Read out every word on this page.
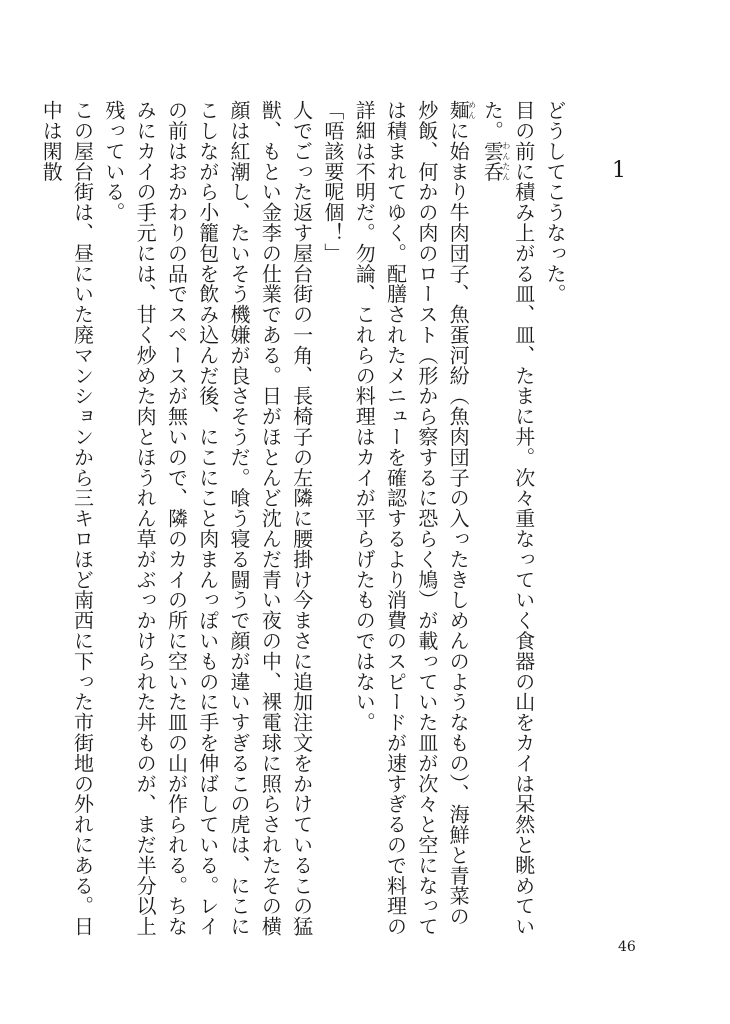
1

どうしてこうなった。

目の前に積み上がる皿、皿、たまに丼。次々重なっていく食器の山をカイは呆然と眺めていた。雲呑わんたん

麺めんに始まり牛肉団子、魚蛋河紛（魚肉団子の入ったきしめんのようなもの）、海鮮と青菜の炒飯、何かの肉のロースト（形から察するに恐らく鳩）が載っていた皿が次々と空になっては積まれてゆく。配膳されたメニューを確認するより消費のスピードが速すぎるので料理の詳細は不明だ。勿論、これらの料理はカイが平らげたものではない。

「唔該要呢個！」

人でごった返す屋台街の一角、長椅子の左隣に腰掛け今まさに追加注文をかけているこの猛獣、もとい金李の仕業である。日がほとんど沈んだ青い夜の中、裸電球に照らされたその横顔は紅潮し、たいそう機嫌が良さそうだ。喰う寝る闘うで顔が違いすぎるこの虎は、にこにこしながら小籠包を飲み込んだ後、にこにこと肉まんっぽいものに手を伸ばしている。レイの前はおかわりの品でスペースが無いので、隣のカイの所に空いた皿の山が作られる。ちなみにカイの手元には、甘く炒めた肉とほうれん草がぶっかけられた丼ものが、まだ半分以上残っている。

この屋台街は、昼にいた廃マンションから三キロほど南西に下った市街地の外れにある。日中は閑散

46
